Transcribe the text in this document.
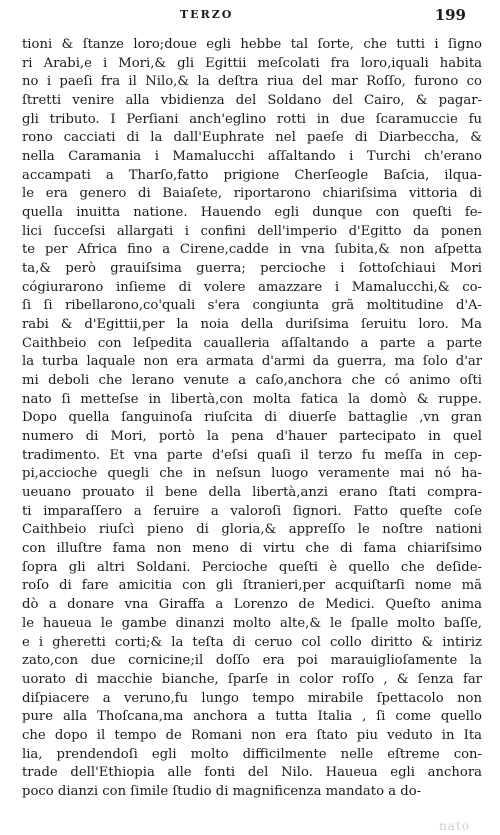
TERZO	199
tioni & ſtanze loro;doue egli hebbe tal ſorte, che tutti i ſigno
ri Arabi,e i Mori,& gli Egittii meſcolati fra loro,iquali habita
no i paeſi fra il Nilo,& la deſtra riua del mar Roſſo, furono co
ſtretti venire alla vbidienza del Soldano del Cairo, & pagar-
gli tributo. I Perſiani anch'eglino rotti in due ſcaramuccie fu
rono cacciati di la dall'Euphrate nel paeſe di Diarbeccha, &
nella Caramania i Mamalucchi aſſaltando i Turchi ch'erano
accampati a Tharſo,fatto prigione Cherſeogle Baſcia, ilqua-
le era genero di Baiaſete, riportarono chiariſsima vittoria di
quella inuitta natione. Hauendo egli dunque con queſti fe-
lici ſucceſsi allargati i confini dell'imperio d'Egitto da ponen
te per Africa fino a Cirene,cadde in vna ſubita,& non aſpetta
ta,& però grauiſsima guerra; percioche i ſottoſchiaui Mori
cógiurarono inſieme di volere amazzare i Mamalucchi,& co-
ſi ſi ribellarono,co'quali s'era congiunta grã moltitudine d'A-
rabi & d'Egittii,per la noia della duriſsima ſeruitu loro. Ma
Caithbeio con leſpedita caualleria aſſaltando a parte a parte
la turba laquale non era armata d'armi da guerra, ma ſolo d'ar
mi deboli che lerano venute a caſo,anchora che có animo oſti
nato ſi metteſse in libertà,con molta fatica la domò & ruppe.
Dopo quella ſanguinoſa riuſcita di diuerſe battaglie ,vn gran
numero di Mori, portò la pena d'hauer partecipato in quel
tradimento. Et vna parte d'eſsi quaſi il terzo fu meſſa in cep-
pi,accioche quegli che in neſsun luogo veramente mai nó ha-
ueuano prouato il bene della libertà,anzi erano ſtati compra-
ti imparaſſero a ſeruire a valoroſi ſignori. Fatto queſte coſe
Caithbeio riuſcì pieno di gloria,& appreſſo le noſtre nationi
con illuſtre fama non meno di virtu che di fama chiariſsimo
ſopra gli altri Soldani. Percioche queſti è quello che deſide-
roſo di fare amicitia con gli ſtranieri,per acquiſtarſi nome mã
dò a donare vna Giraffa a Lorenzo de Medici. Queſto anima
le haueua le gambe dinanzi molto alte,& le ſpalle molto baſſe,
e i gheretti corti;& la teſta di ceruo col collo diritto & intiriz
zato,con due cornicine;il doſſo era poi marauiglioſamente la
uorato di macchie bianche, ſparſe in color roſſo , & ſenza far
diſpiacere a veruno,fu lungo tempo mirabile ſpettacolo non
pure alla Thoſcana,ma anchora a tutta Italia , ſi come quello
che dopo il tempo de Romani non era ſtato piu veduto in Ita
lia, prendendoſi egli molto difficilmente nelle eſtreme con-
trade dell'Ethiopia alle fonti del Nilo. Haueua egli anchora
poco dianzi con ſimile ſtudio di magnificenza mandato a do-
nato
